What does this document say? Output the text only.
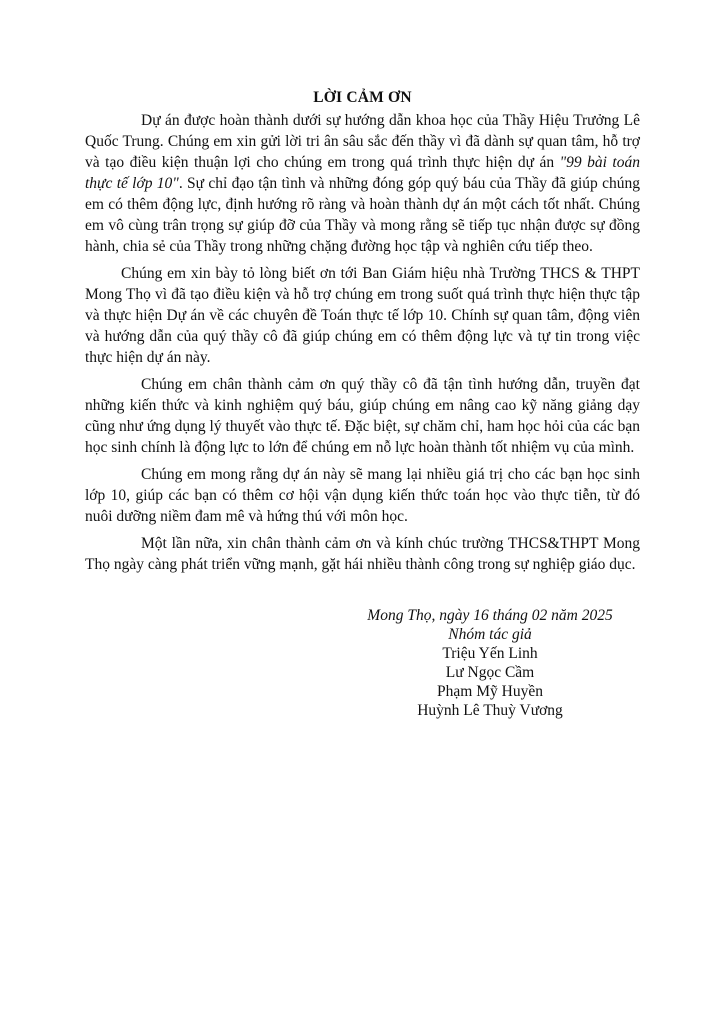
LỜI CẢM ƠN

Dự án được hoàn thành dưới sự hướng dẫn khoa học của Thầy Hiệu Trưởng Lê Quốc Trung. Chúng em xin gửi lời tri ân sâu sắc đến thầy vì đã dành sự quan tâm, hỗ trợ và tạo điều kiện thuận lợi cho chúng em trong quá trình thực hiện dự án "99 bài toán thực tế lớp 10". Sự chỉ đạo tận tình và những đóng góp quý báu của Thầy đã giúp chúng em có thêm động lực, định hướng rõ ràng và hoàn thành dự án một cách tốt nhất. Chúng em vô cùng trân trọng sự giúp đỡ của Thầy và mong rằng sẽ tiếp tục nhận được sự đồng hành, chia sẻ của Thầy trong những chặng đường học tập và nghiên cứu tiếp theo.

Chúng em xin bày tỏ lòng biết ơn tới Ban Giám hiệu nhà Trường THCS & THPT Mong Thọ vì đã tạo điều kiện và hỗ trợ chúng em trong suốt quá trình thực hiện thực tập và thực hiện Dự án về các chuyên đề Toán thực tế lớp 10. Chính sự quan tâm, động viên và hướng dẫn của quý thầy cô đã giúp chúng em có thêm động lực và tự tin trong việc thực hiện dự án này.

Chúng em chân thành cảm ơn quý thầy cô đã tận tình hướng dẫn, truyền đạt những kiến thức và kinh nghiệm quý báu, giúp chúng em nâng cao kỹ năng giảng dạy cũng như ứng dụng lý thuyết vào thực tế. Đặc biệt, sự chăm chỉ, ham học hỏi của các bạn học sinh chính là động lực to lớn để chúng em nỗ lực hoàn thành tốt nhiệm vụ của mình.

Chúng em mong rằng dự án này sẽ mang lại nhiều giá trị cho các bạn học sinh lớp 10, giúp các bạn có thêm cơ hội vận dụng kiến thức toán học vào thực tiễn, từ đó nuôi dưỡng niềm đam mê và hứng thú với môn học.

Một lần nữa, xin chân thành cảm ơn và kính chúc trường THCS&THPT Mong Thọ ngày càng phát triển vững mạnh, gặt hái nhiều thành công trong sự nghiệp giáo dục.

Mong Thọ, ngày 16 tháng 02 năm 2025
Nhóm tác giả
Triệu Yến Linh
Lư Ngọc Cầm
Phạm Mỹ Huyền
Huỳnh Lê Thuỳ Vương
